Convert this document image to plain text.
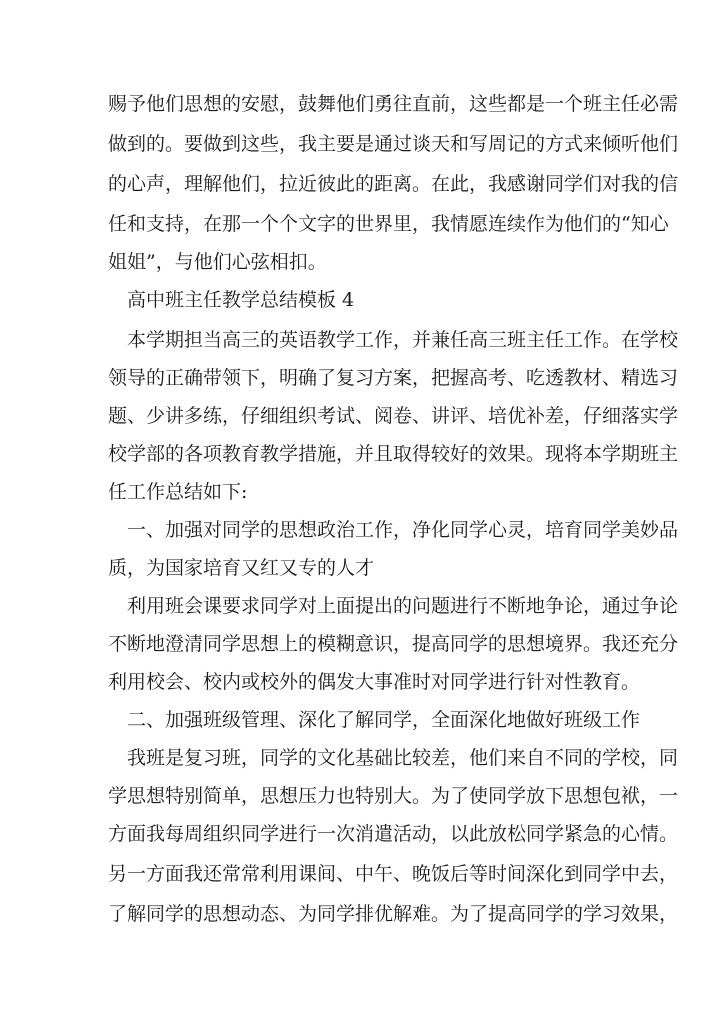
赐予他们思想的安慰，鼓舞他们勇往直前，这些都是一个班主任必需
做到的。要做到这些，我主要是通过谈天和写周记的方式来倾听他们
的心声，理解他们，拉近彼此的距离。在此，我感谢同学们对我的信
任和支持，在那一个个文字的世界里，我情愿连续作为他们的“知心
姐姐”，与他们心弦相扣。
高中班主任教学总结模板 4
本学期担当高三的英语教学工作，并兼任高三班主任工作。在学校
领导的正确带领下，明确了复习方案，把握高考、吃透教材、精选习
题、少讲多练，仔细组织考试、阅卷、讲评、培优补差，仔细落实学
校学部的各项教育教学措施，并且取得较好的效果。现将本学期班主
任工作总结如下:
一、加强对同学的思想政治工作，净化同学心灵，培育同学美妙品
质，为国家培育又红又专的人才
利用班会课要求同学对上面提出的问题进行不断地争论，通过争论
不断地澄清同学思想上的模糊意识，提高同学的思想境界。我还充分
利用校会、校内或校外的偶发大事准时对同学进行针对性教育。
二、加强班级管理、深化了解同学，全面深化地做好班级工作
我班是复习班，同学的文化基础比较差，他们来自不同的学校，同
学思想特别简单，思想压力也特别大。为了使同学放下思想包袱，一
方面我每周组织同学进行一次消遣活动，以此放松同学紧急的心情。
另一方面我还常常利用课间、中午、晚饭后等时间深化到同学中去，
了解同学的思想动态、为同学排优解难。为了提高同学的学习效果，
